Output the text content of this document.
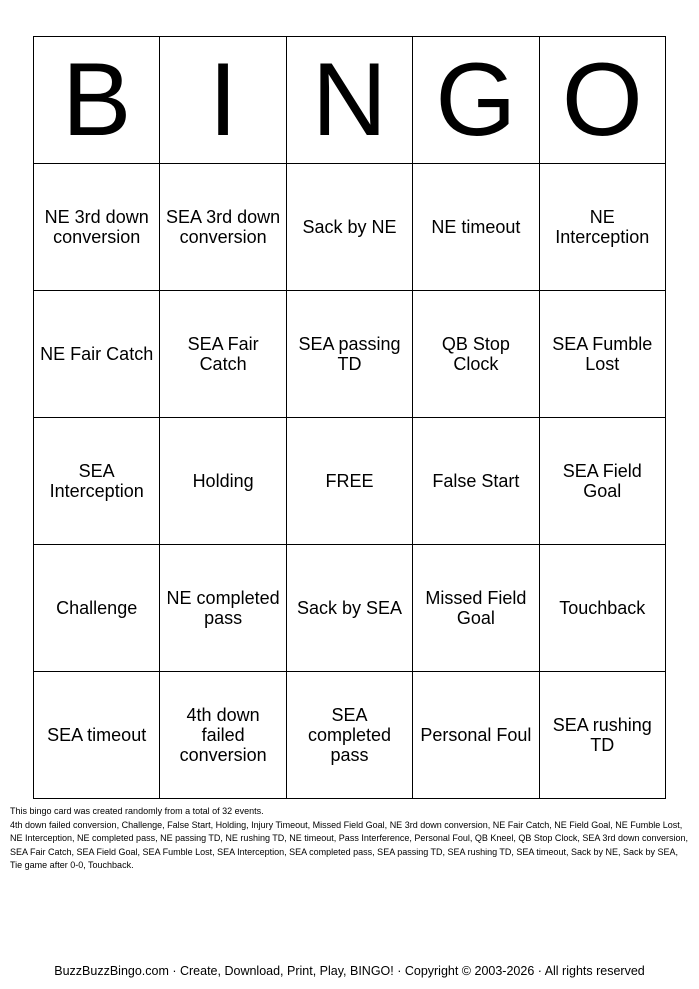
B	I	N	G	O
NE 3rd down conversion	SEA 3rd down conversion	Sack by NE	NE timeout	NE Interception
NE Fair Catch	SEA Fair Catch	SEA passing TD	QB Stop Clock	SEA Fumble Lost
SEA Interception	Holding	FREE	False Start	SEA Field Goal
Challenge	NE completed pass	Sack by SEA	Missed Field Goal	Touchback
SEA timeout	4th down failed conversion	SEA completed pass	Personal Foul	SEA rushing TD

This bingo card was created randomly from a total of 32 events.

4th down failed conversion, Challenge, False Start, Holding, Injury Timeout, Missed Field Goal, NE 3rd down conversion, NE Fair Catch, NE Field Goal, NE Fumble Lost, NE Interception, NE completed pass, NE passing TD, NE rushing TD, NE timeout, Pass Interference, Personal Foul, QB Kneel, QB Stop Clock, SEA 3rd down conversion, SEA Fair Catch, SEA Field Goal, SEA Fumble Lost, SEA Interception, SEA completed pass, SEA passing TD, SEA rushing TD, SEA timeout, Sack by NE, Sack by SEA, Tie game after 0-0, Touchback.

BuzzBuzzBingo.com · Create, Download, Print, Play, BINGO! · Copyright © 2003-2026 · All rights reserved
